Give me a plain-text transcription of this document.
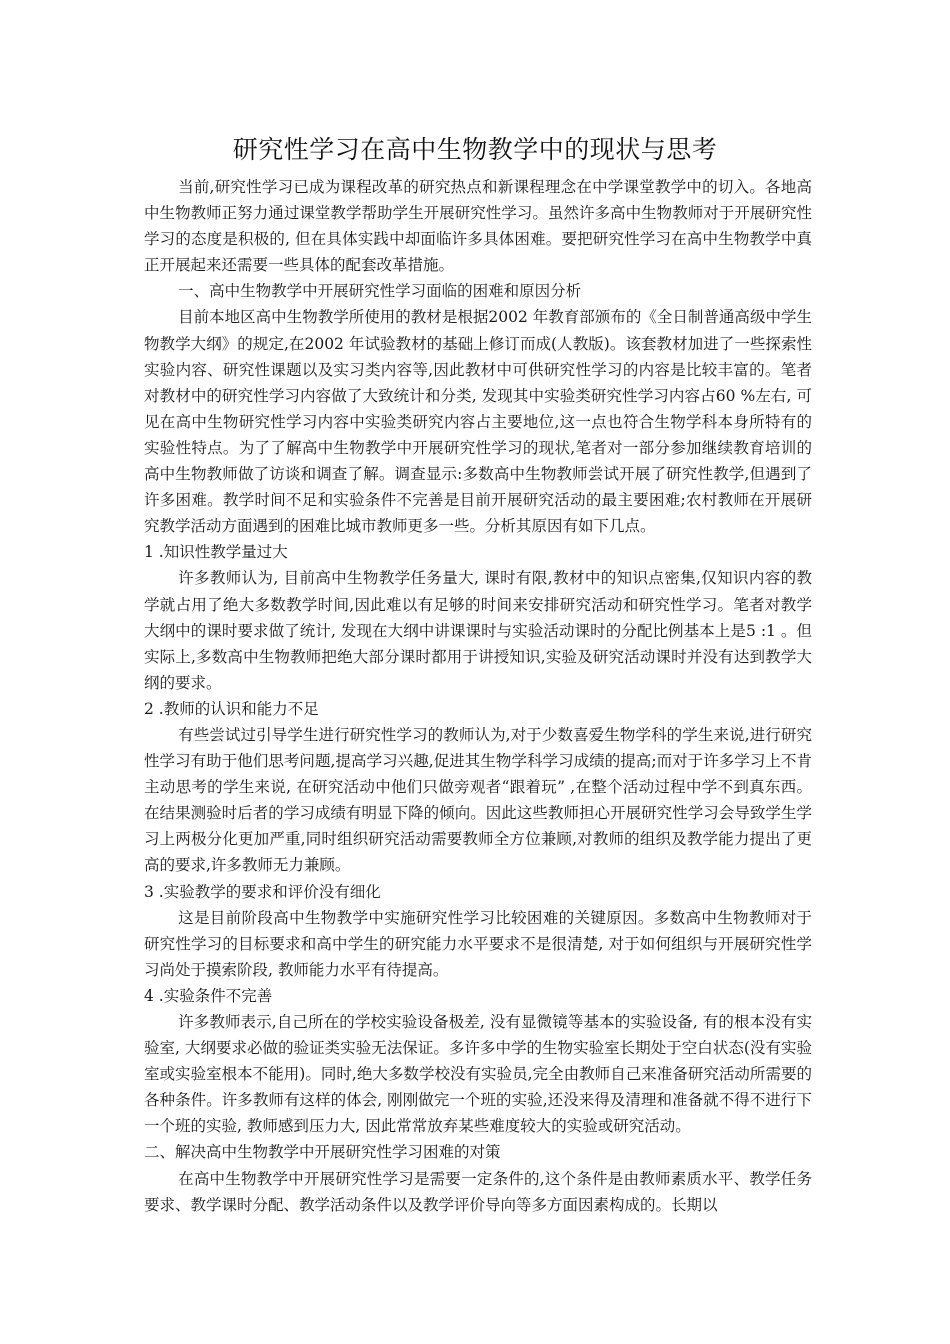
研究性学习在高中生物教学中的现状与思考

当前,研究性学习已成为课程改革的研究热点和新课程理念在中学课堂教学中的切入。各地高中生物教师正努力通过课堂教学帮助学生开展研究性学习。虽然许多高中生物教师对于开展研究性学习的态度是积极的, 但在具体实践中却面临许多具体困难。要把研究性学习在高中生物教学中真正开展起来还需要一些具体的配套改革措施。

一、高中生物教学中开展研究性学习面临的困难和原因分析

目前本地区高中生物教学所使用的教材是根据2002 年教育部颁布的《全日制普通高级中学生物教学大纲》的规定,在2002 年试验教材的基础上修订而成(人教版)。该套教材加进了一些探索性实验内容、研究性课题以及实习类内容等,因此教材中可供研究性学习的内容是比较丰富的。笔者对教材中的研究性学习内容做了大致统计和分类, 发现其中实验类研究性学习内容占60 %左右, 可见在高中生物研究性学习内容中实验类研究内容占主要地位,这一点也符合生物学科本身所特有的实验性特点。为了了解高中生物教学中开展研究性学习的现状,笔者对一部分参加继续教育培训的高中生物教师做了访谈和调查了解。调查显示:多数高中生物教师尝试开展了研究性教学,但遇到了许多困难。教学时间不足和实验条件不完善是目前开展研究活动的最主要困难;农村教师在开展研究教学活动方面遇到的困难比城市教师更多一些。分析其原因有如下几点。

1 .知识性教学量过大

许多教师认为, 目前高中生物教学任务量大, 课时有限,教材中的知识点密集,仅知识内容的教学就占用了绝大多数教学时间,因此难以有足够的时间来安排研究活动和研究性学习。笔者对教学大纲中的课时要求做了统计, 发现在大纲中讲课课时与实验活动课时的分配比例基本上是5 :1 。但实际上,多数高中生物教师把绝大部分课时都用于讲授知识,实验及研究活动课时并没有达到教学大纲的要求。

2 .教师的认识和能力不足

有些尝试过引导学生进行研究性学习的教师认为,对于少数喜爱生物学科的学生来说,进行研究性学习有助于他们思考问题,提高学习兴趣,促进其生物学科学习成绩的提高;而对于许多学习上不肯主动思考的学生来说, 在研究活动中他们只做旁观者“跟着玩” ,在整个活动过程中学不到真东西。在结果测验时后者的学习成绩有明显下降的倾向。因此这些教师担心开展研究性学习会导致学生学习上两极分化更加严重,同时组织研究活动需要教师全方位兼顾,对教师的组织及教学能力提出了更高的要求,许多教师无力兼顾。

3 .实验教学的要求和评价没有细化

这是目前阶段高中生物教学中实施研究性学习比较困难的关键原因。多数高中生物教师对于研究性学习的目标要求和高中学生的研究能力水平要求不是很清楚, 对于如何组织与开展研究性学习尚处于摸索阶段, 教师能力水平有待提高。

4 .实验条件不完善

许多教师表示,自己所在的学校实验设备极差, 没有显微镜等基本的实验设备, 有的根本没有实验室, 大纲要求必做的验证类实验无法保证。多许多中学的生物实验室长期处于空白状态(没有实验室或实验室根本不能用)。同时,绝大多数学校没有实验员,完全由教师自己来准备研究活动所需要的各种条件。许多教师有这样的体会, 刚刚做完一个班的实验,还没来得及清理和准备就不得不进行下一个班的实验, 教师感到压力大, 因此常常放弃某些难度较大的实验或研究活动。

二、解决高中生物教学中开展研究性学习困难的对策

在高中生物教学中开展研究性学习是需要一定条件的,这个条件是由教师素质水平、教学任务要求、教学课时分配、教学活动条件以及教学评价导向等多方面因素构成的。长期以
